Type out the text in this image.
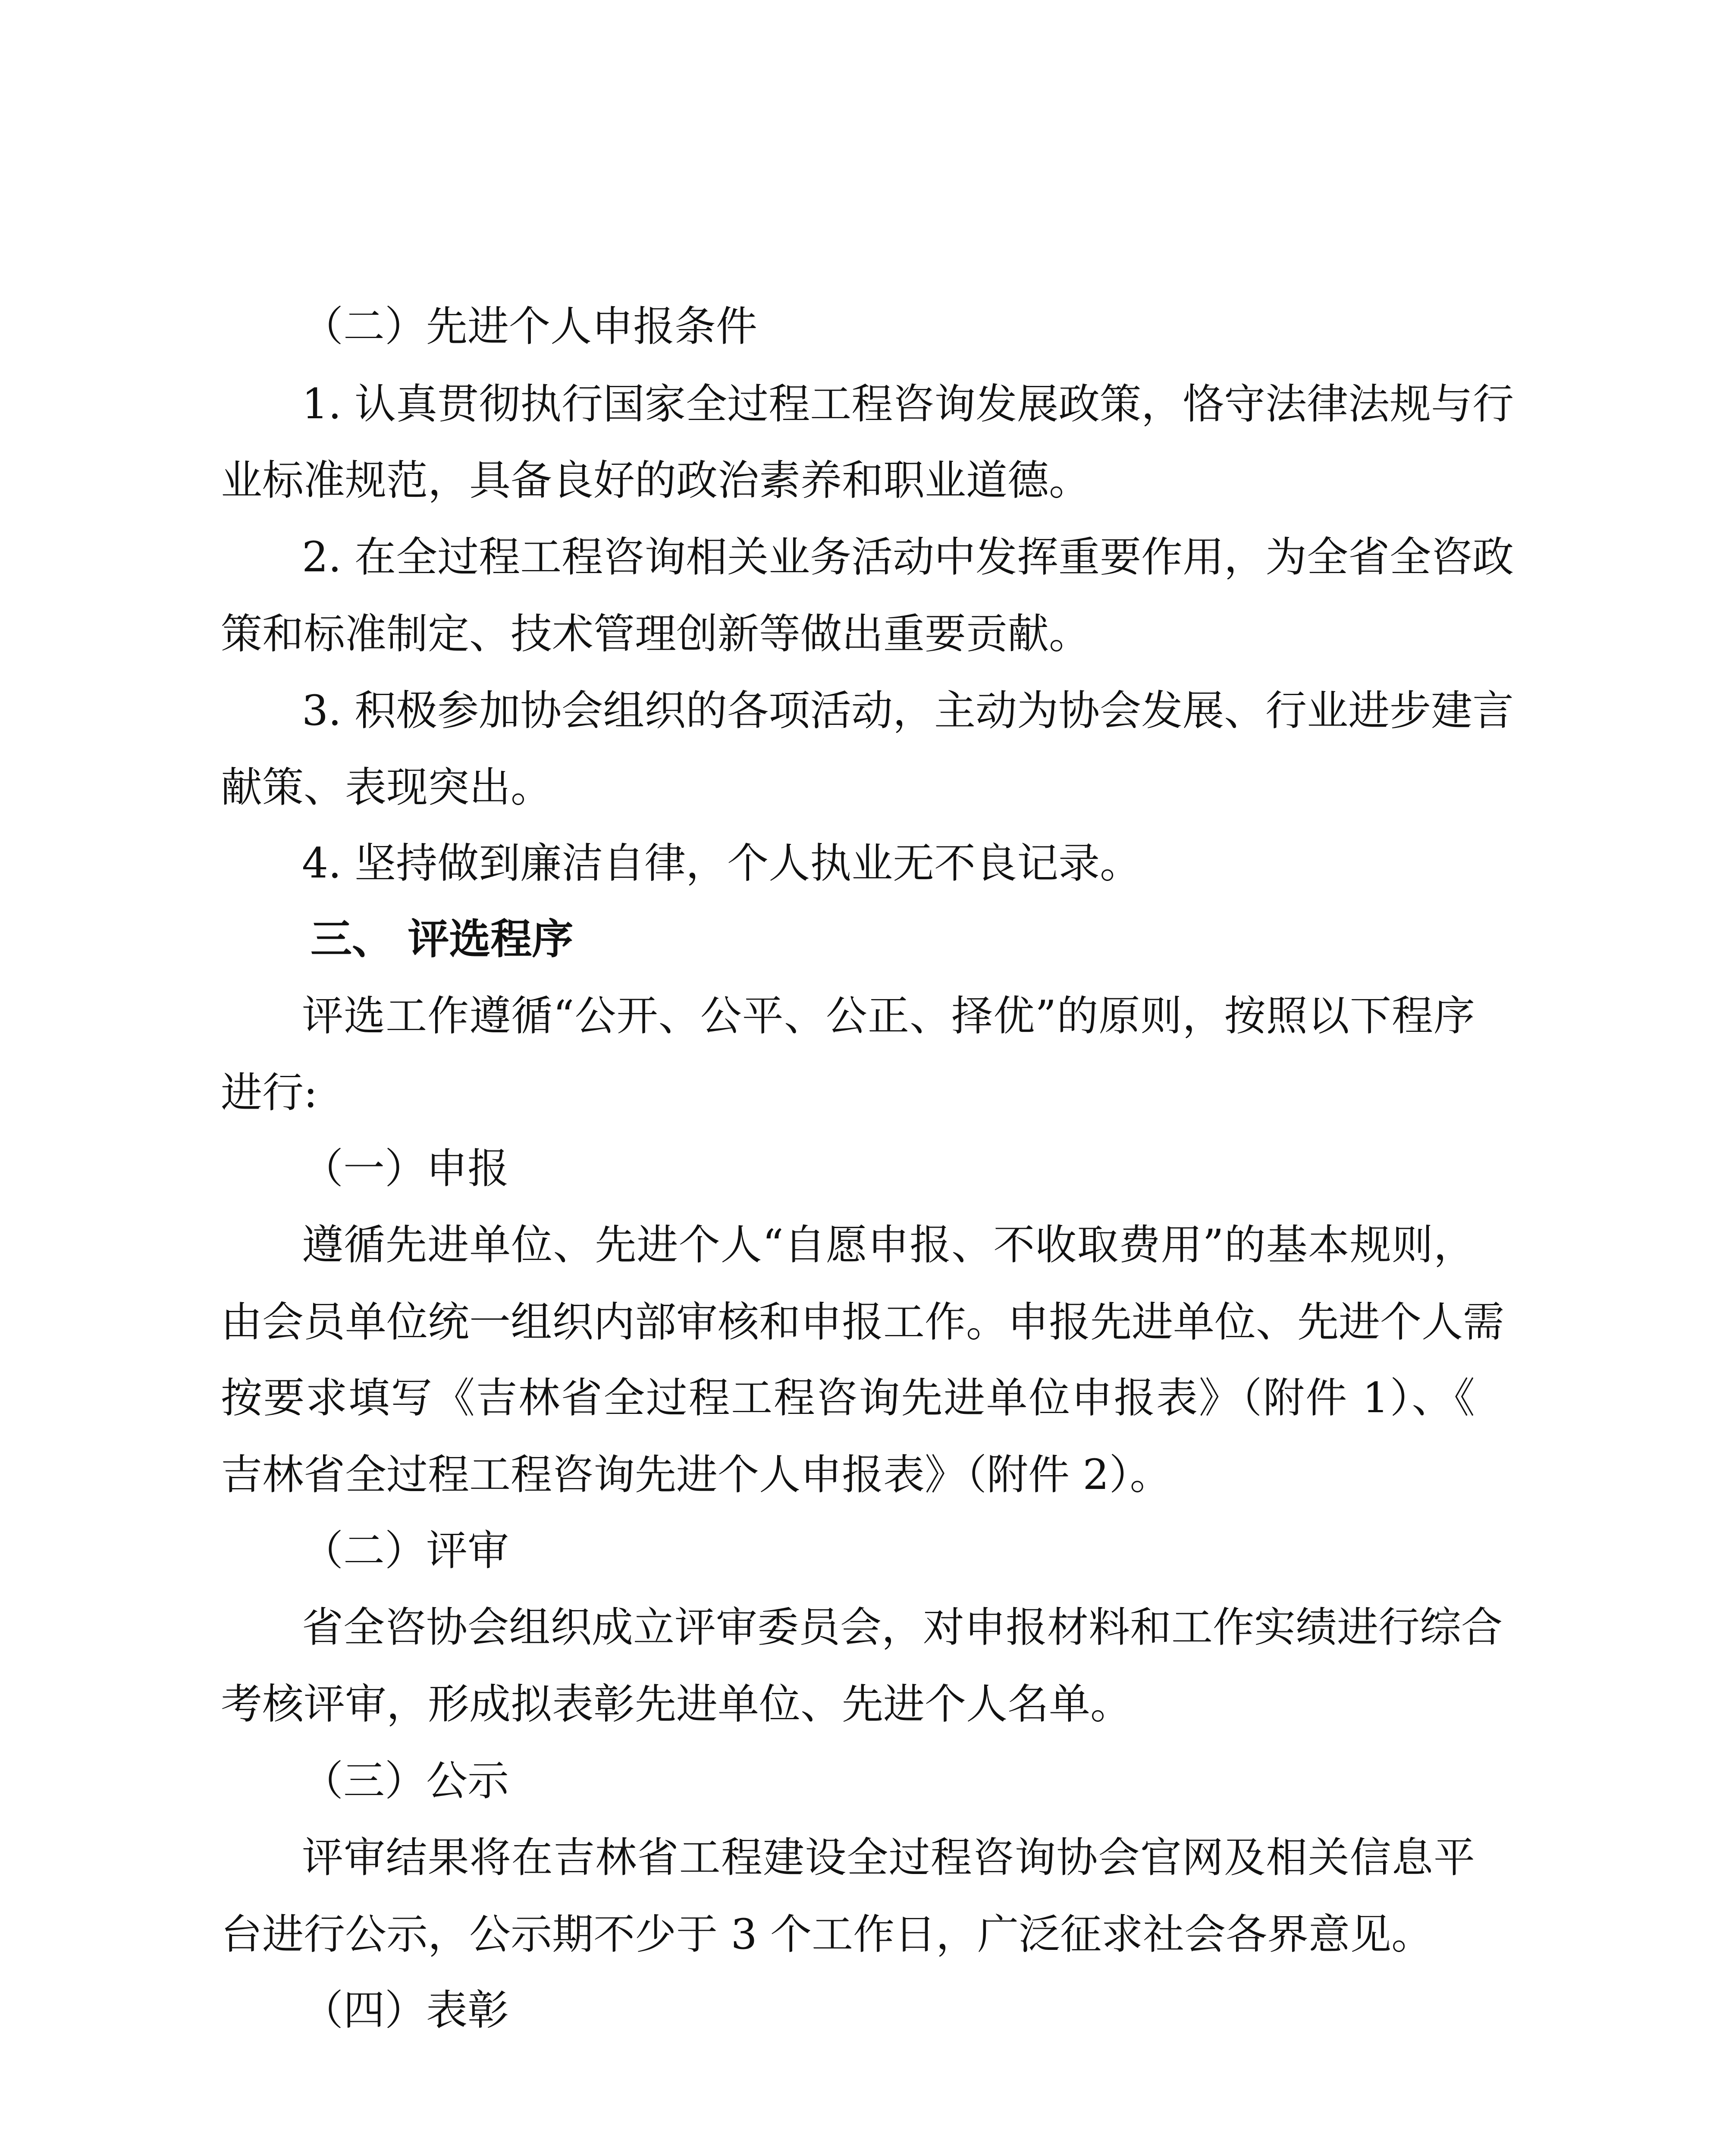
（二）先进个人申报条件
1. 认真贯彻执行国家全过程工程咨询发展政策，恪守法律法规与行
业标准规范，具备良好的政治素养和职业道德。
2. 在全过程工程咨询相关业务活动中发挥重要作用，为全省全咨政
策和标准制定、技术管理创新等做出重要贡献。
3. 积极参加协会组织的各项活动，主动为协会发展、行业进步建言
献策、表现突出。
4. 坚持做到廉洁自律，个人执业无不良记录。
三、 评选程序
评选工作遵循“公开、公平、公正、择优”的原则，按照以下程序
进行:
（一）申报
遵循先进单位、先进个人“自愿申报、不收取费用”的基本规则，
由会员单位统一组织内部审核和申报工作。申报先进单位、先进个人需
按要求填写《吉林省全过程工程咨询先进单位申报表》（附件 1）、《
吉林省全过程工程咨询先进个人申报表》（附件 2）。
（二）评审
省全咨协会组织成立评审委员会，对申报材料和工作实绩进行综合
考核评审，形成拟表彰先进单位、先进个人名单。
（三）公示
评审结果将在吉林省工程建设全过程咨询协会官网及相关信息平
台进行公示，公示期不少于 3 个工作日，广泛征求社会各界意见。
（四）表彰
